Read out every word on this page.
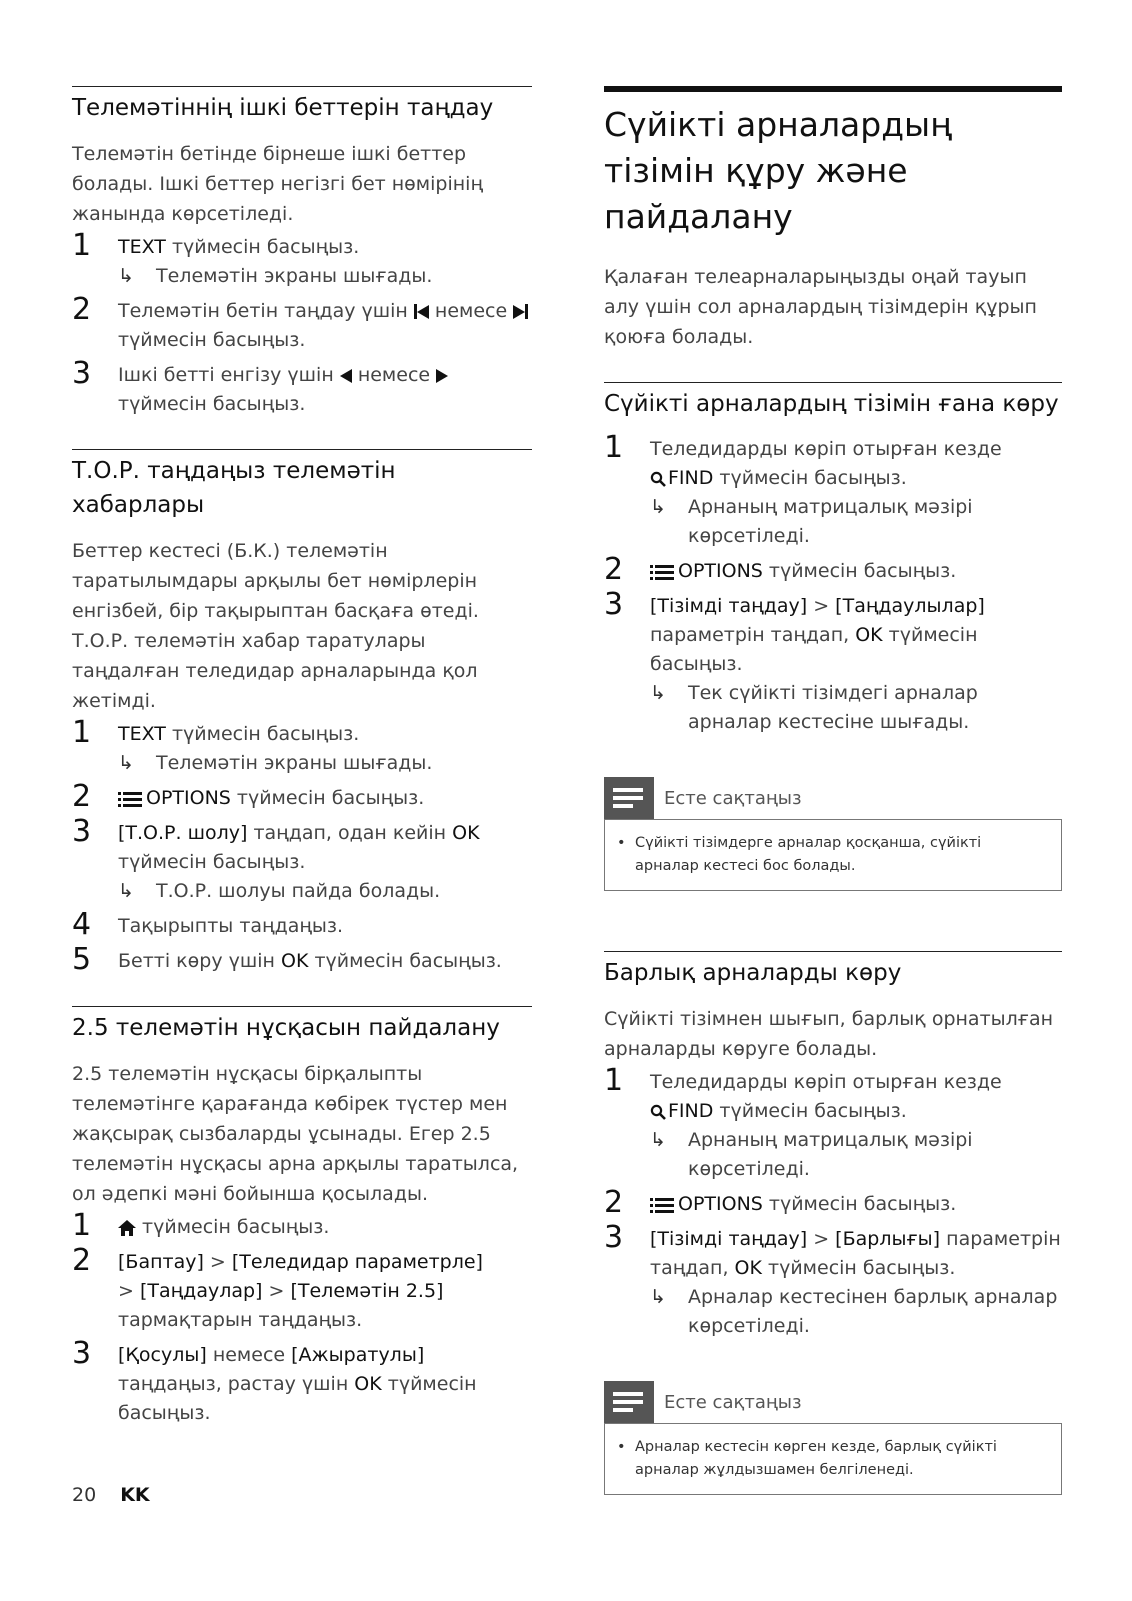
Телемәтіннің ішкі беттерін таңдау

Телемәтін бетінде бірнеше ішкі беттер болады. Ішкі беттер негізгі бет нөмірінің жанында көрсетіледі.

1 TEXT түймесін басыңыз.
↳ Телемәтін экраны шығады.
2 Телемәтін бетін таңдау үшін
немесе
түймесін басыңыз.
3 Ішкі бетті енгізу үшін  немесе  түймесін басыңыз.
Т.О.Р. таңдаңыз телемәтін хабарлары

Беттер кестесі (Б.К.) телемәтін таратылымдары арқылы бет нөмірлерін енгізбей, бір тақырыптан басқаға өтеді. Т.О.Р. телемәтін хабар таратулары таңдалған теледидар арналарында қол жетімді.

1 TEXT түймесін басыңыз.
↳ Телемәтін экраны шығады.
2	OPTIONS түймесін басыңыз.
3 [Т.О.Р. шолу] таңдап, одан кейін OK түймесін басыңыз.
↳ Т.О.Р. шолуы пайда болады.
4 Тақырыпты таңдаңыз.
5 Бетті көру үшін OK түймесін басыңыз.
2.5 телемәтін нұсқасын пайдалану

2.5 телемәтін нұсқасы бірқалыпты телемәтінге қарағанда көбірек түстер мен жақсырақ сызбаларды ұсынады. Егер 2.5 телемәтін нұсқасы арна арқылы таратылса, ол әдепкі мәні бойынша қосылады.

1 түймесін басыңыз.
2 [Баптау] > [Теледидар параметрле]
> [Таңдаулар] > [Телемәтін 2.5]
тармақтарын таңдаңыз.
3 [Қосулы] немесе [Ажыратулы] таңдаңыз, растау үшін OK түймесін басыңыз.
Сүйікті арналардың тізімін құру және пайдалану

Қалаған телеарналарыңызды оңай тауып алу үшін сол арналардың тізімдерін құрып қоюға болады.

Сүйікті арналардың тізімін ғана көру
1 Теледидарды көріп отырған кезде
FIND түймесін басыңыз.
↳ Арнаның матрицалық мәзірі көрсетіледі.
2	OPTIONS түймесін басыңыз.
3 [Тізімді таңдау] > [Таңдаулылар] параметрін таңдап, OK түймесін басыңыз.
↳ Тек сүйікті тізімдегі арналар арналар кестесіне шығады.
Есте сақтаңыз
• Сүйікті тізімдерге арналар қосқанша, сүйікті арналар кестесі бос болады.
Барлық арналарды көру

Сүйікті тізімнен шығып, барлық орнатылған арналарды көруге болады.

1 Теледидарды көріп отырған кезде
FIND түймесін басыңыз.
↳ Арнаның матрицалық мәзірі көрсетіледі.
2	OPTIONS түймесін басыңыз.
3 [Тізімді таңдау] > [Барлығы] параметрін таңдап, OK түймесін басыңыз.
↳ Арналар кестесінен барлық арналар көрсетіледі.
Есте сақтаңыз
• Арналар кестесін көрген кезде, барлық сүйікті арналар жұлдызшамен белгіленеді.
20 KK
